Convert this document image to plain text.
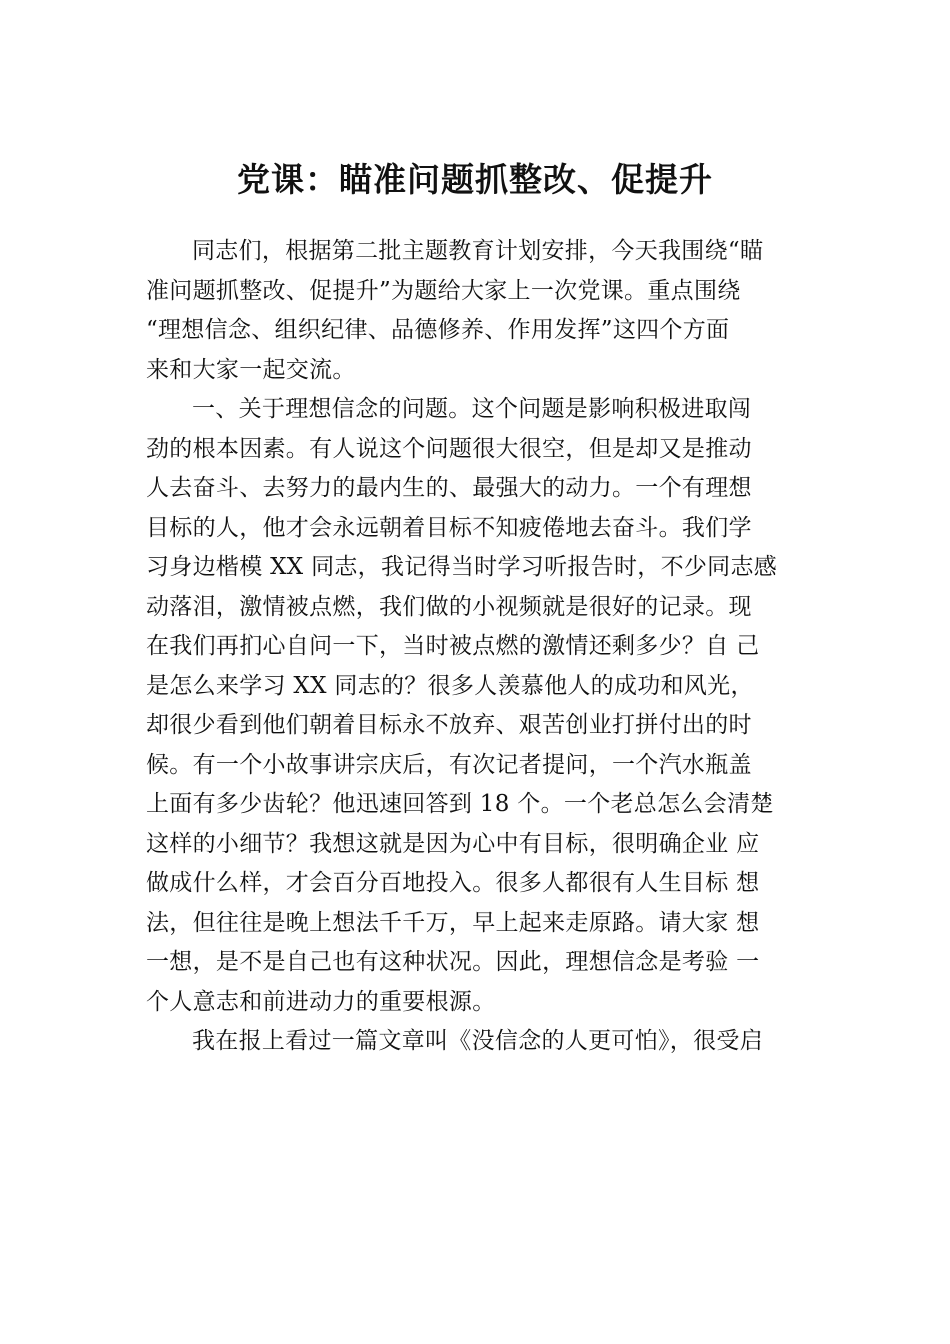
党课：瞄准问题抓整改、促提升
同志们，根据第二批主题教育计划安排，今天我围绕“瞄
准问题抓整改、促提升”为题给大家上一次党课。重点围绕
“理想信念、组织纪律、品德修养、作用发挥”这四个方面
来和大家一起交流。
一、关于理想信念的问题。这个问题是影响积极进取闯
劲的根本因素。有人说这个问题很大很空，但是却又是推动
人去奋斗、去努力的最内生的、最强大的动力。一个有理想
目标的人，他才会永远朝着目标不知疲倦地去奋斗。我们学
习身边楷模 XX 同志，我记得当时学习听报告时，不少同志感
动落泪，激情被点燃，我们做的小视频就是很好的记录。现
在我们再扪心自问一下，当时被点燃的激情还剩多少？自 己
是怎么来学习 XX 同志的？很多人羡慕他人的成功和风光，
却很少看到他们朝着目标永不放弃、艰苦创业打拼付出的时
候。有一个小故事讲宗庆后，有次记者提问，一个汽水瓶盖
上面有多少齿轮？他迅速回答到 18 个。一个老总怎么会清楚
这样的小细节？我想这就是因为心中有目标，很明确企业 应
做成什么样，才会百分百地投入。很多人都很有人生目标 想
法，但往往是晚上想法千千万，早上起来走原路。请大家 想
一想，是不是自己也有这种状况。因此，理想信念是考验 一
个人意志和前进动力的重要根源。
我在报上看过一篇文章叫《没信念的人更可怕》，很受启
